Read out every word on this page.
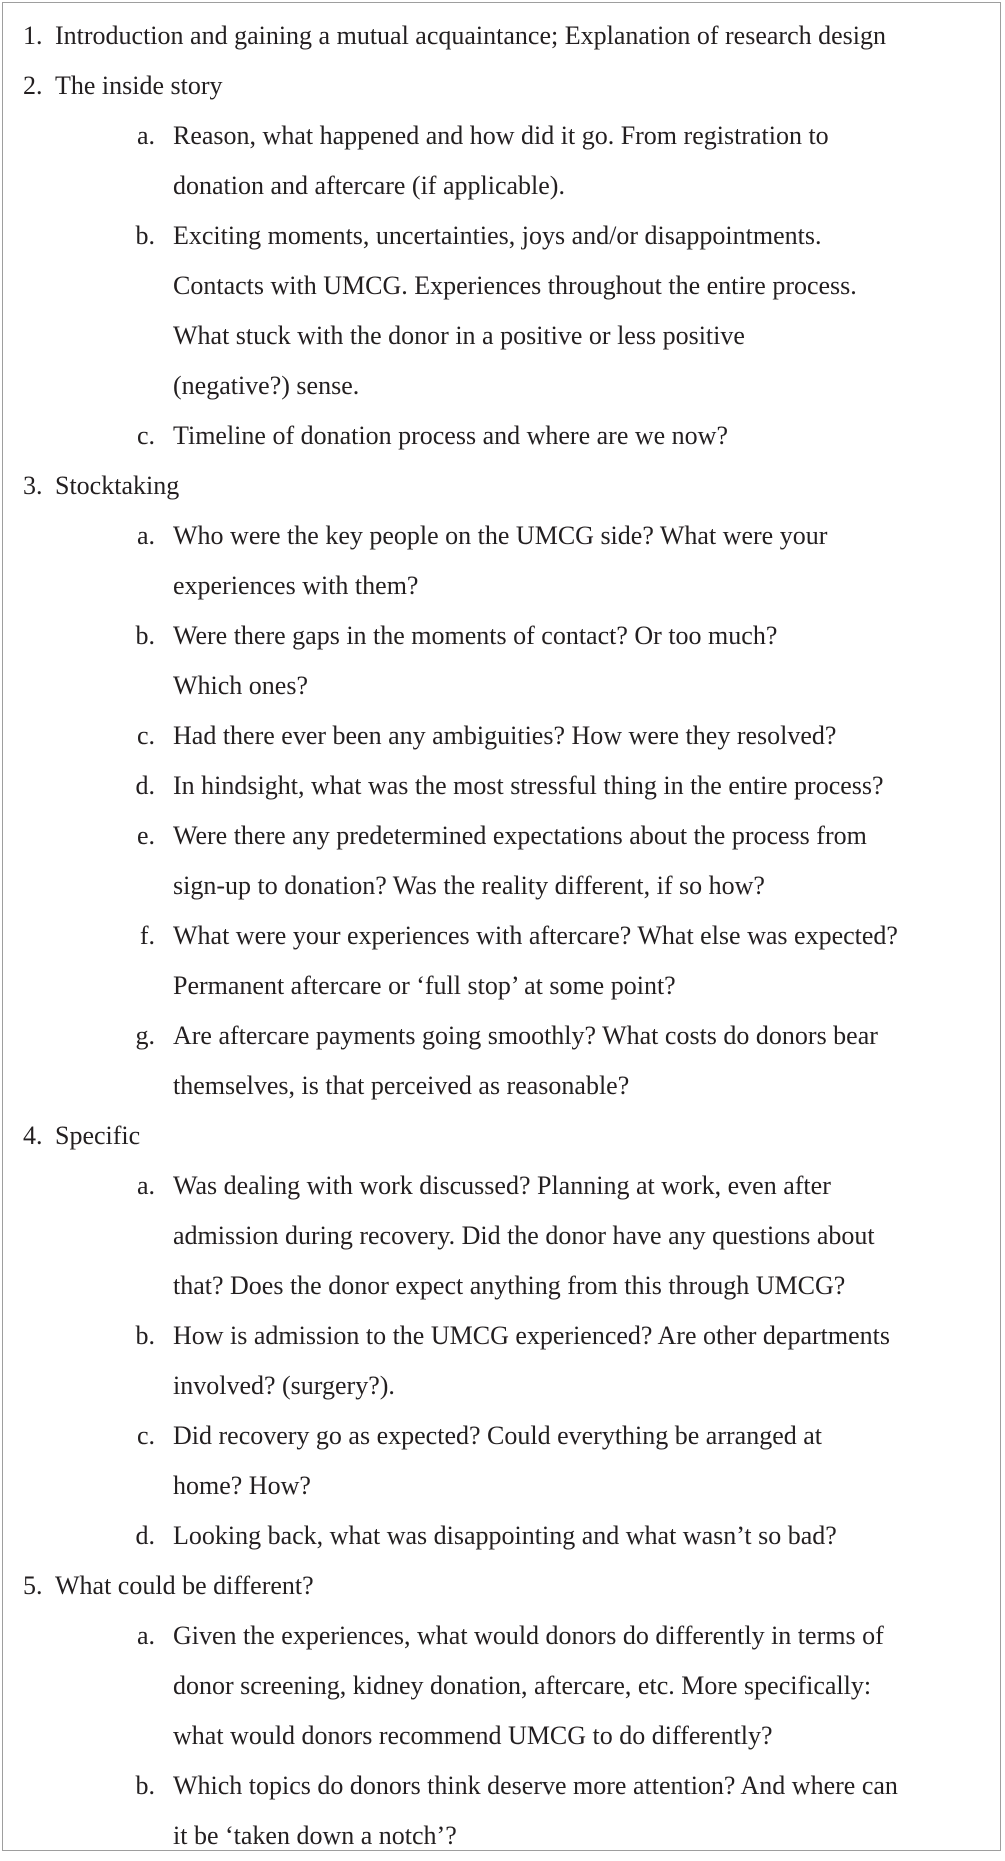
1. Introduction and gaining a mutual acquaintance; Explanation of research design
2. The inside story
a. Reason, what happened and how did it go. From registration to
donation and aftercare (if applicable).
b. Exciting moments, uncertainties, joys and/or disappointments.
Contacts with UMCG. Experiences throughout the entire process.
What stuck with the donor in a positive or less positive
(negative?) sense.
c. Timeline of donation process and where are we now?
3. Stocktaking
a. Who were the key people on the UMCG side? What were your
experiences with them?
b. Were there gaps in the moments of contact? Or too much?
Which ones?
c. Had there ever been any ambiguities? How were they resolved?
d. In hindsight, what was the most stressful thing in the entire process?
e. Were there any predetermined expectations about the process from
sign-up to donation? Was the reality different, if so how?
f. What were your experiences with aftercare? What else was expected?
Permanent aftercare or ‘full stop’ at some point?
g. Are aftercare payments going smoothly? What costs do donors bear
themselves, is that perceived as reasonable?
4. Specific
a. Was dealing with work discussed? Planning at work, even after
admission during recovery. Did the donor have any questions about
that? Does the donor expect anything from this through UMCG?
b. How is admission to the UMCG experienced? Are other departments
involved? (surgery?).
c. Did recovery go as expected? Could everything be arranged at
home? How?
d. Looking back, what was disappointing and what wasn’t so bad?
5. What could be different?
a. Given the experiences, what would donors do differently in terms of
donor screening, kidney donation, aftercare, etc. More specifically:
what would donors recommend UMCG to do differently?
b. Which topics do donors think deserve more attention? And where can
it be ‘taken down a notch’?
